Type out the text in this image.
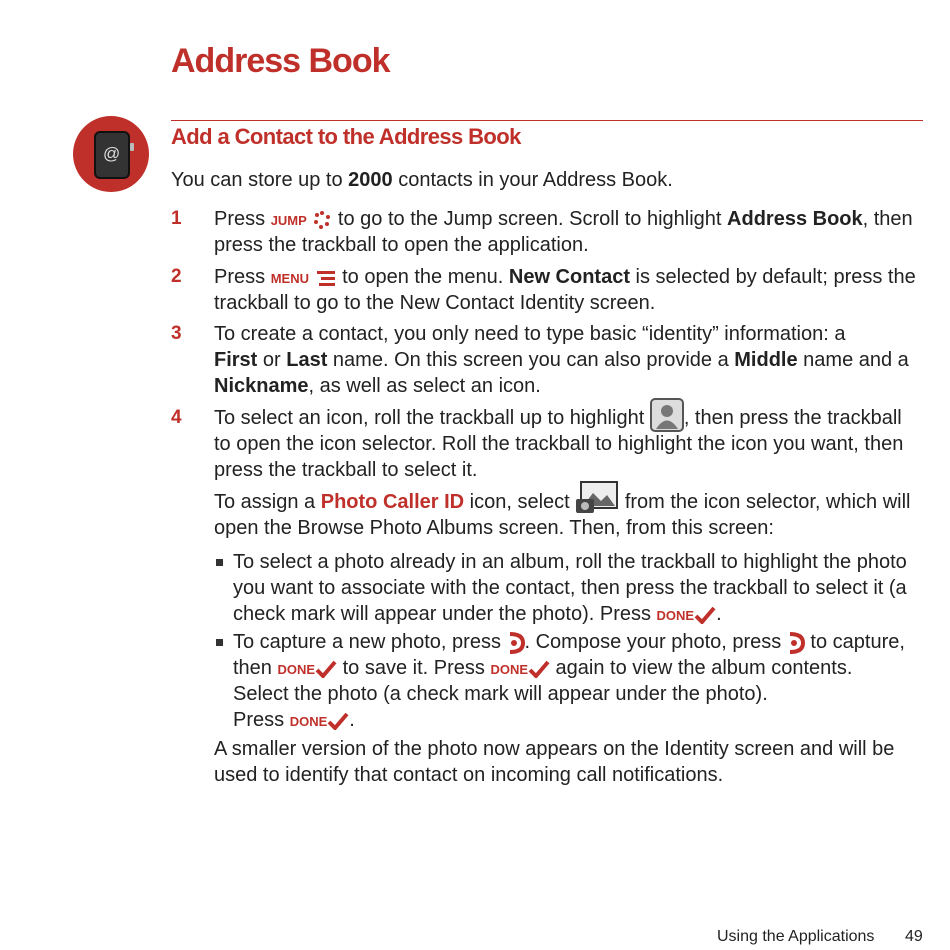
Address Book
@
Add a Contact to the Address Book
You can store up to 2000 contacts in your Address Book.
1 Press JUMP  to go to the Jump screen. Scroll to highlight Address Book, then
press the trackball to open the application.
2 Press MENU  to open the menu. New Contact is selected by default; press the
trackball to go to the New Contact Identity screen.
3 To create a contact, you only need to type basic “identity” information: a
First or Last name. On this screen you can also provide a Middle name and a
Nickname, as well as select an icon.
4 To select an icon, roll the trackball up to highlight , then press the trackball
to open the icon selector. Roll the trackball to highlight the icon you want, then
press the trackball to select it.
To assign a Photo Caller ID icon, select  from the icon selector, which will
open the Browse Photo Albums screen. Then, from this screen:
To select a photo already in an album, roll the trackball to highlight the photo
you want to associate with the contact, then press the trackball to select it (a
check mark will appear under the photo). Press DONE .
To capture a new photo, press . Compose your photo, press  to capture,
then DONE to save it. Press DONE again to view the album contents.
Select the photo (a check mark will appear under the photo).
Press DONE .
A smaller version of the photo now appears on the Identity screen and will be
used to identify that contact on incoming call notifications.
Using the Applications 49
